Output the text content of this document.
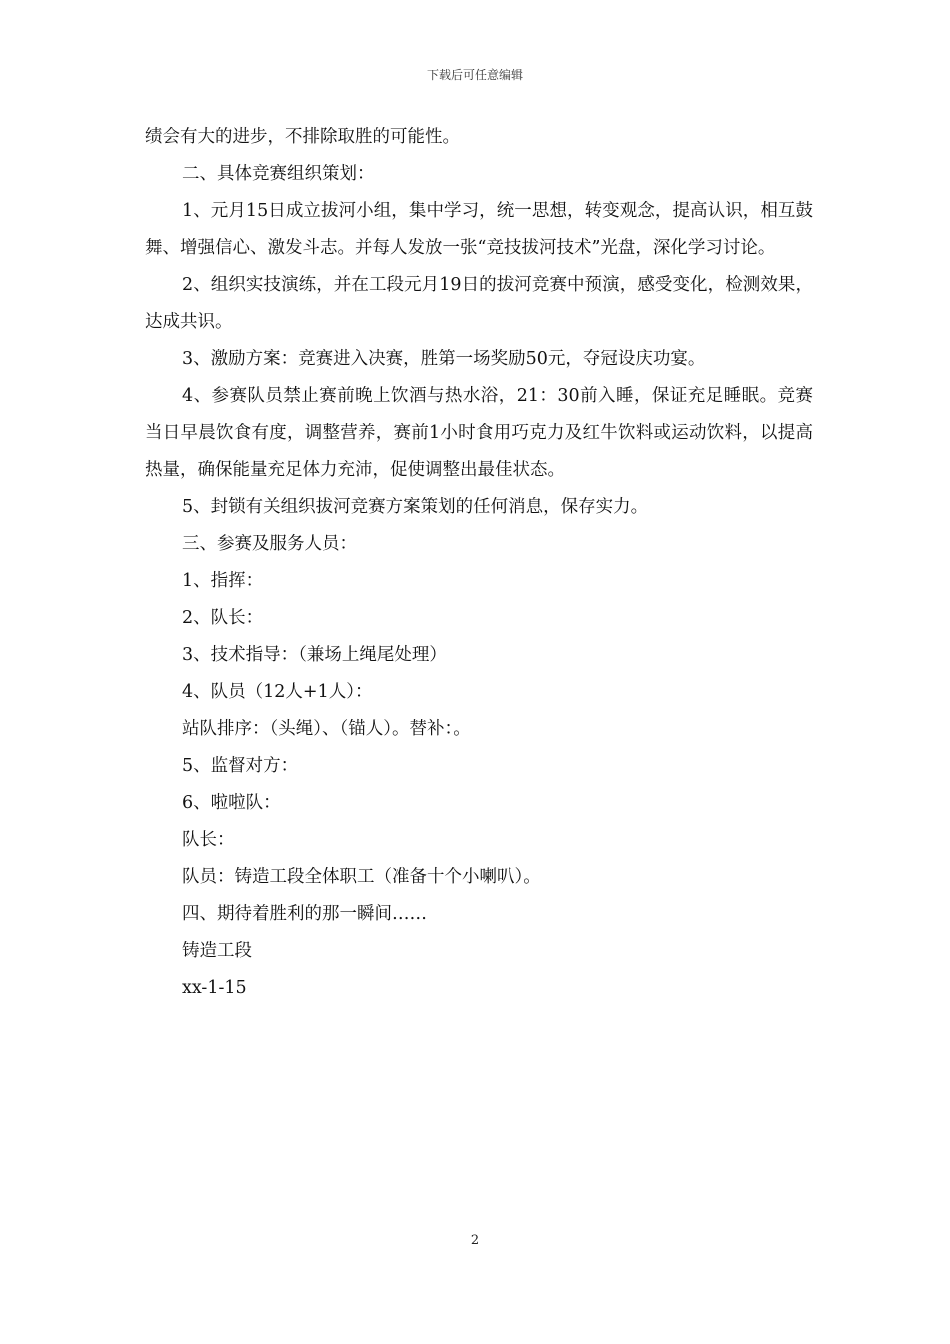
下载后可任意编辑

绩会有大的进步，不排除取胜的可能性。

二、具体竞赛组织策划：

1、元月15日成立拔河小组，集中学习，统一思想，转变观念，提高认识，相互鼓舞、增强信心、激发斗志。并每人发放一张“竞技拔河技术”光盘，深化学习讨论。

2、组织实技演练，并在工段元月19日的拔河竞赛中预演，感受变化，检测效果，达成共识。

3、激励方案：竞赛进入决赛，胜第一场奖励50元，夺冠设庆功宴。

4、参赛队员禁止赛前晚上饮酒与热水浴，21：30前入睡，保证充足睡眠。竞赛当日早晨饮食有度，调整营养，赛前1小时食用巧克力及红牛饮料或运动饮料，以提高热量，确保能量充足体力充沛，促使调整出最佳状态。

5、封锁有关组织拔河竞赛方案策划的任何消息，保存实力。

三、参赛及服务人员：

1、指挥：

2、队长：

3、技术指导：（兼场上绳尾处理）

4、队员（12人+1人）：

站队排序：（头绳）、（锚人）。替补：。

5、监督对方：

6、啦啦队：

队长：

队员：铸造工段全体职工（准备十个小喇叭）。

四、期待着胜利的那一瞬间……

铸造工段

xx-1-15

2
